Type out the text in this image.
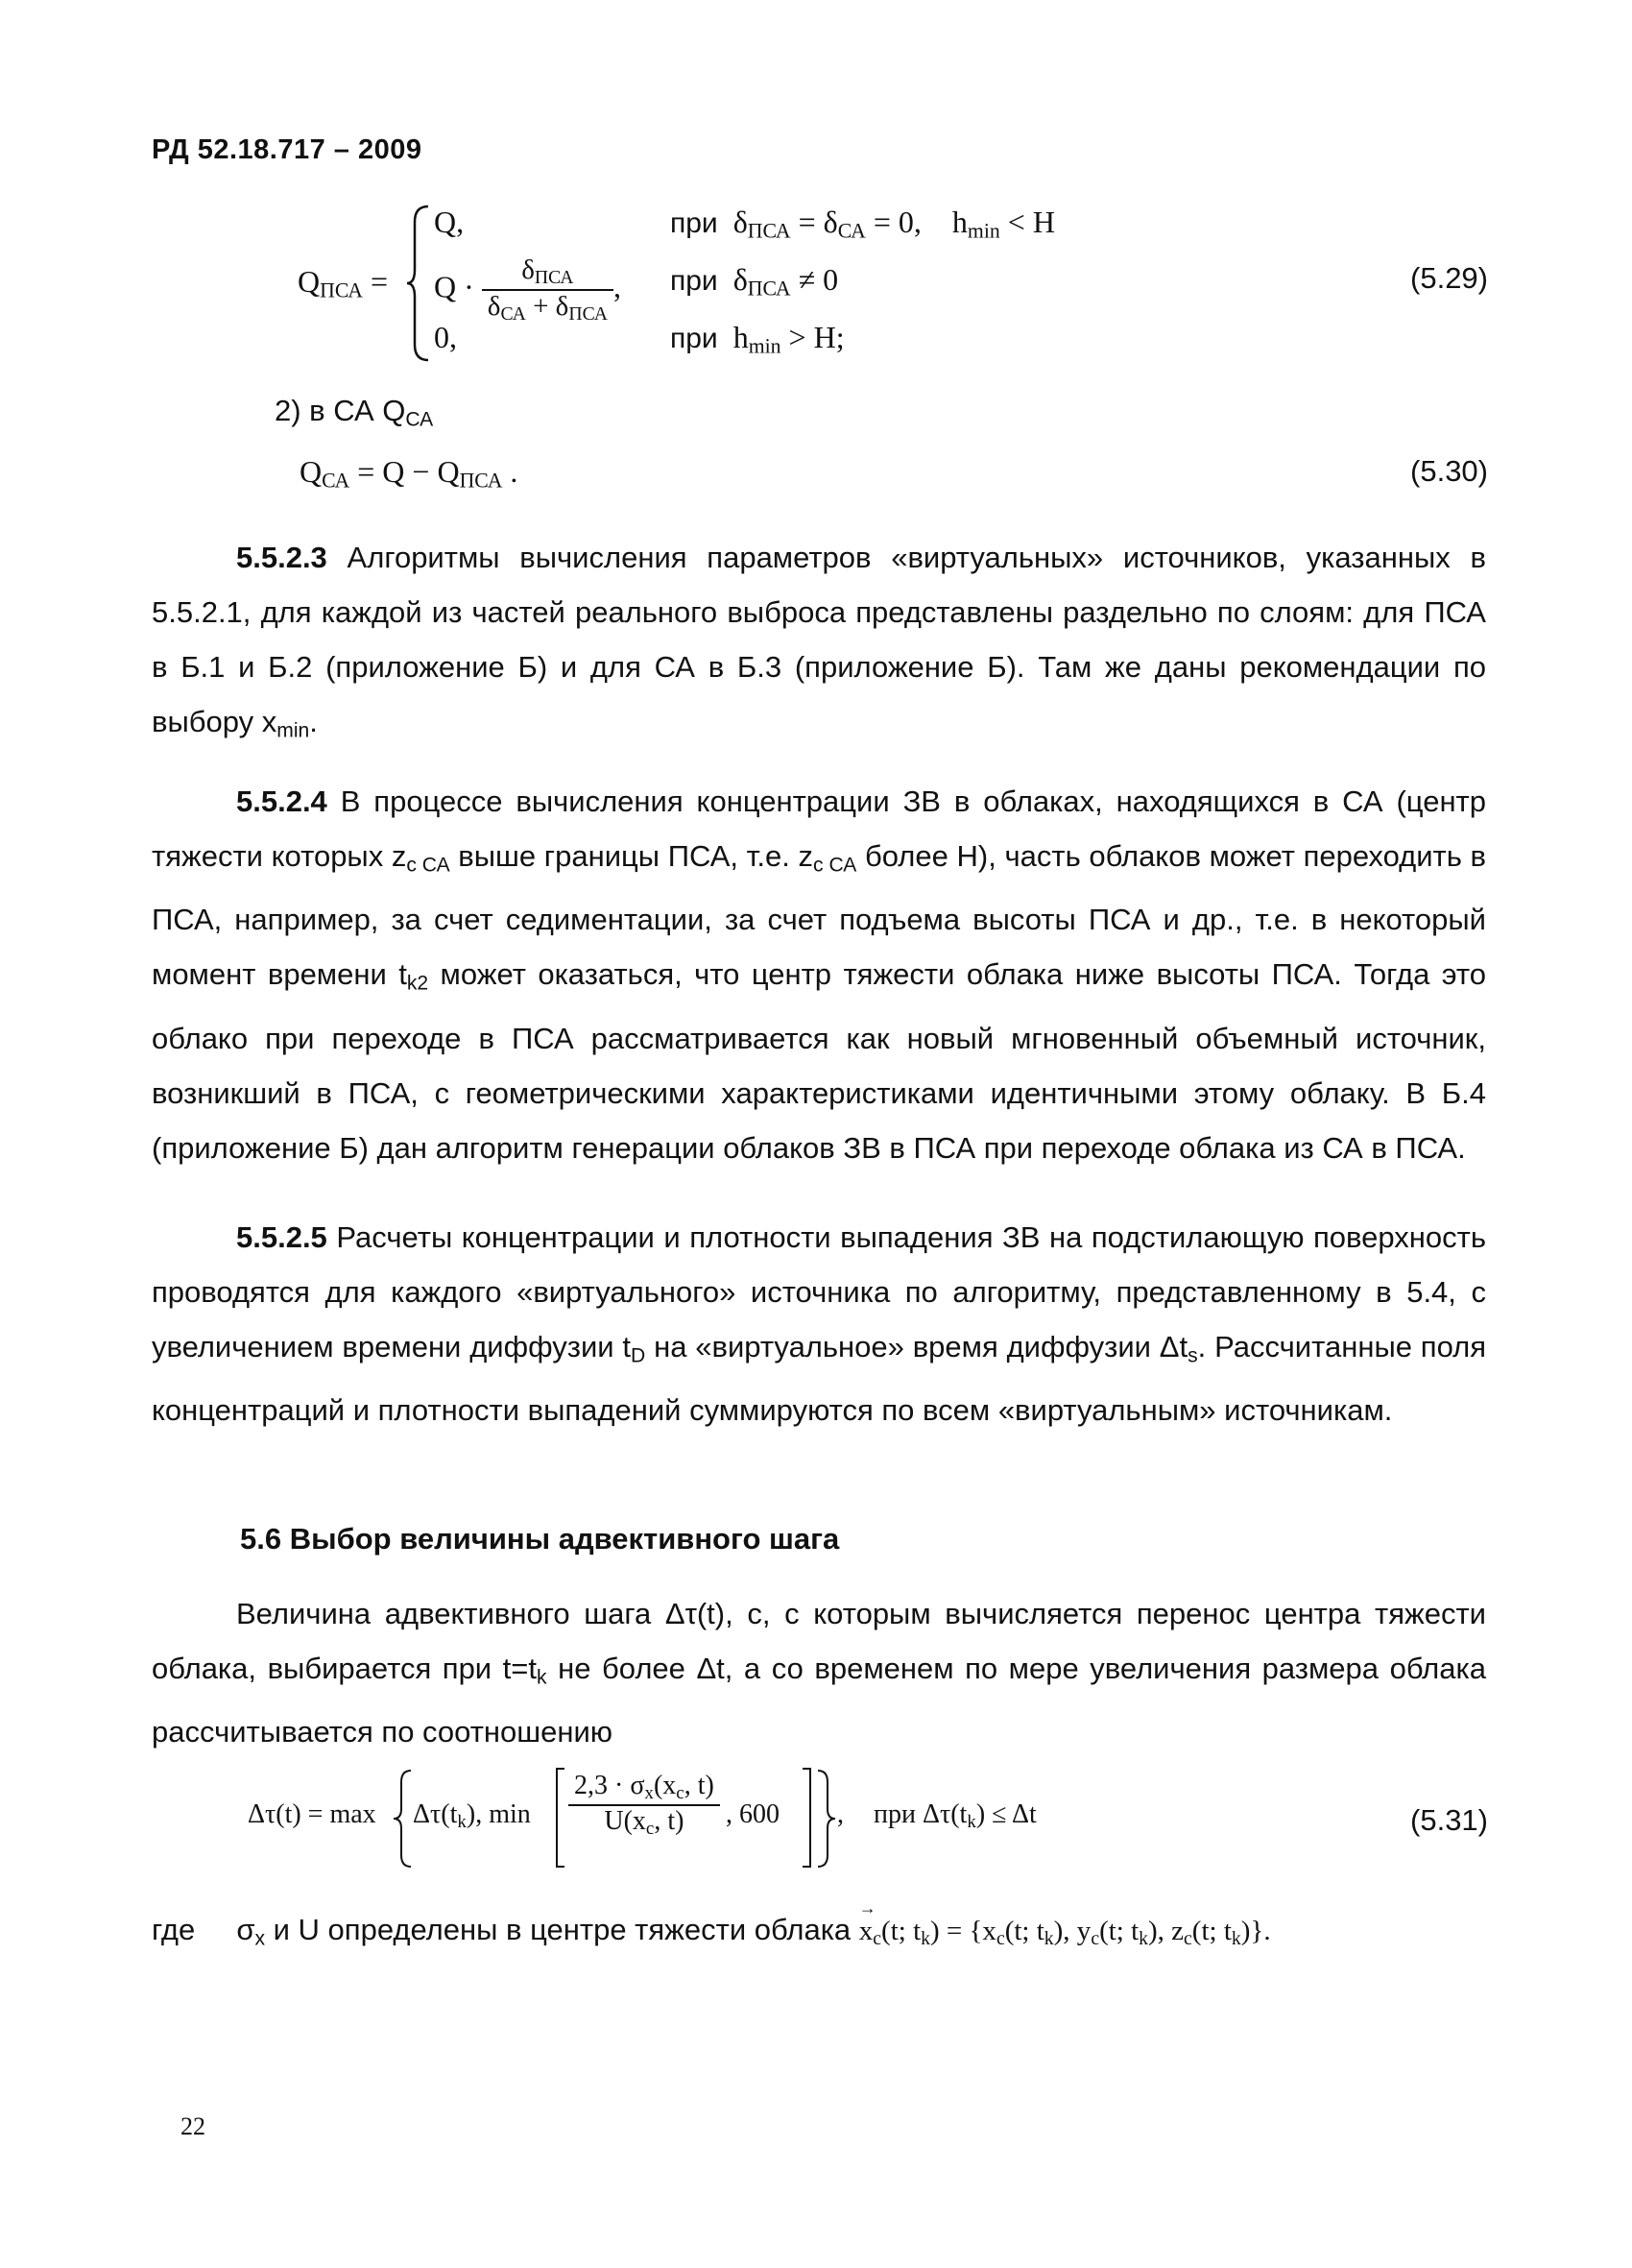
РД 52.18.717 – 2009
$Q_{ПСА}$ =
Q,
$Q \cdot \frac{\delta_{ПСА}}{\delta_{СА} + \delta_{ПСА}}$ ,
0,
при $\delta_{ПСА} = \delta_{СА} = 0$, $h_{min} < H$
при $\delta_{ПСА} \ne 0$
при $h_{min} > H$;
(5.29)
2) в СА $Q_{СА}$
$Q_{СА} = Q - Q_{ПСА}$ .	(5.30)
5.5.2.3 Алгоритмы вычисления параметров «виртуальных» источников, указанных в 5.5.2.1, для каждой из частей реального выброса представлены раздельно по слоям: для ПСА в Б.1 и Б.2 (приложение Б) и для СА в Б.3 (приложение Б). Там же даны рекомендации по выбору $x_{min}$.
5.5.2.4 В процессе вычисления концентрации ЗВ в облаках, находящихся в СА (центр тяжести которых $z_{c СА}$ выше границы ПСА, т.е. $z_{c СА}$ более H), часть облаков может переходить в ПСА, например, за счет седиментации, за счет подъема высоты ПСА и др., т.е. в некоторый момент времени $t_{k2}$ может оказаться, что центр тяжести облака ниже высоты ПСА. Тогда это облако при переходе в ПСА рассматривается как новый мгновенный объемный источник, возникший в ПСА, с геометрическими характеристиками идентичными этому облаку. В Б.4 (приложение Б) дан алгоритм генерации облаков ЗВ в ПСА при переходе облака из СА в ПСА.
5.5.2.5 Расчеты концентрации и плотности выпадения ЗВ на подстилающую поверхность проводятся для каждого «виртуального» источника по алгоритму, представленному в 5.4, с увеличением времени диффузии $t_D$ на «виртуальное» время диффузии $\Delta t_s$. Рассчитанные поля концентраций и плотности выпадений суммируются по всем «виртуальным» источникам.
5.6 Выбор величины адвективного шага
Величина адвективного шага Δτ(t), с, с которым вычисляется перенос центра тяжести облака, выбирается при $t=t_k$ не более Δt, а со временем по мере увеличения размера облака рассчитывается по соотношению
$\Delta\tau(t) = \max \Delta\tau(t_k)$, $\min \frac{2,3 \cdot \sigma_x(x_c, t)}{U(x_c, t)}$ , 600 , при $\Delta\tau(t_k) \le \Delta t$	(5.31)
где $\sigma_x$ и U определены в центре тяжести облака → $x_c(t$; $t_k) = \{x_c(t$; $t_k$), $y_c(t$; $t_k$), $z_c(t$; $t_k$)}.
22
